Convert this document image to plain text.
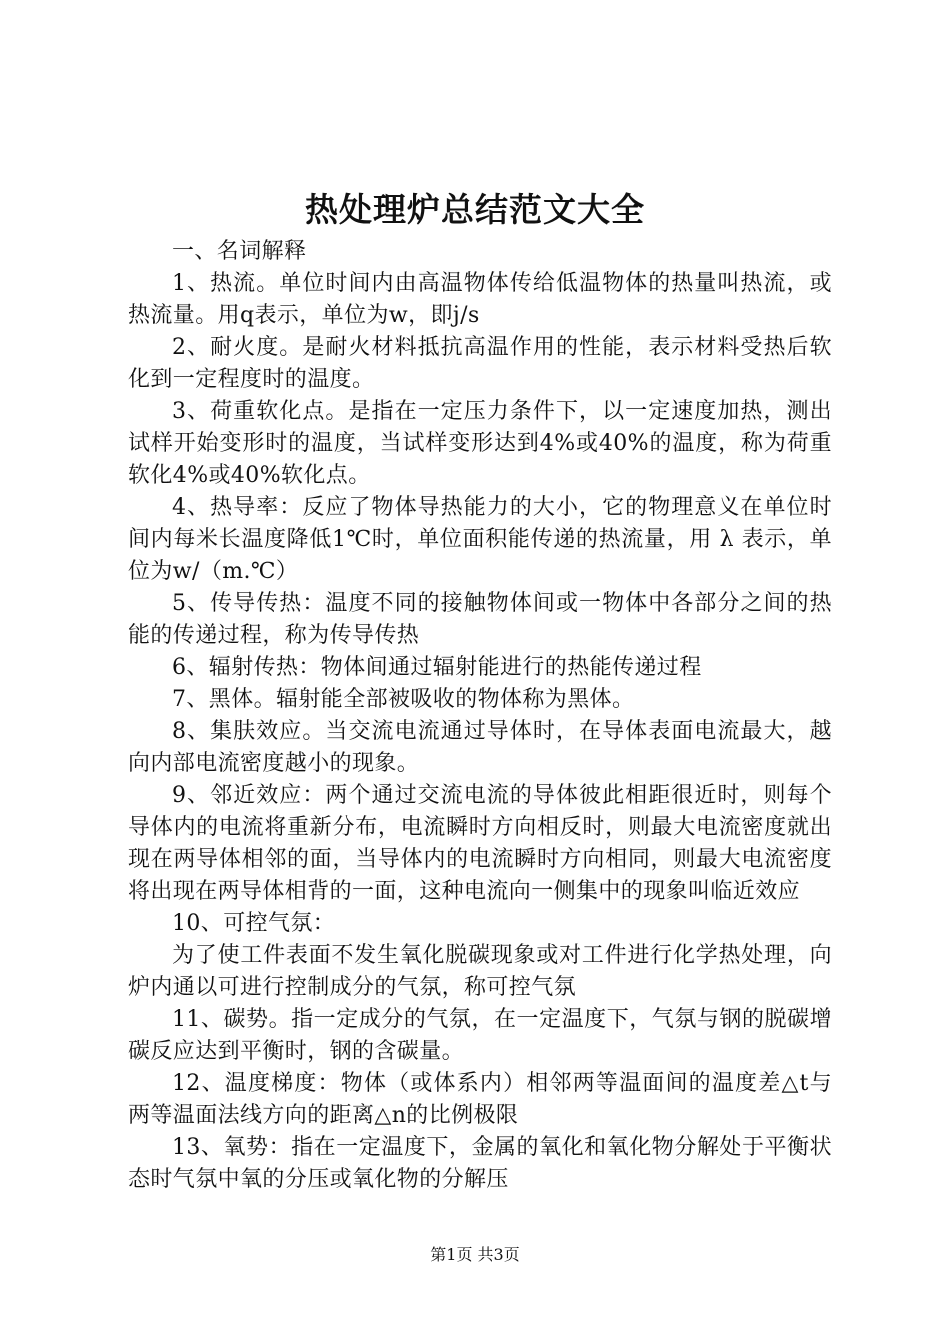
热处理炉总结范文大全

一、名词解释

1、热流。单位时间内由高温物体传给低温物体的热量叫热流，或热流量。用q表示，单位为w，即j/s

2、耐火度。是耐火材料抵抗高温作用的性能，表示材料受热后软化到一定程度时的温度。

3、荷重软化点。是指在一定压力条件下，以一定速度加热，测出试样开始变形时的温度，当试样变形达到4%或40%的温度，称为荷重软化4%或40%软化点。

4、热导率：反应了物体导热能力的大小，它的物理意义在单位时间内每米长温度降低1℃时，单位面积能传递的热流量，用 λ 表示，单位为w/（m.℃）

5、传导传热：温度不同的接触物体间或一物体中各部分之间的热能的传递过程，称为传导传热

6、辐射传热：物体间通过辐射能进行的热能传递过程

7、黑体。辐射能全部被吸收的物体称为黑体。

8、集肤效应。当交流电流通过导体时，在导体表面电流最大，越向内部电流密度越小的现象。

9、邻近效应：两个通过交流电流的导体彼此相距很近时，则每个导体内的电流将重新分布，电流瞬时方向相反时，则最大电流密度就出现在两导体相邻的面，当导体内的电流瞬时方向相同，则最大电流密度将出现在两导体相背的一面，这种电流向一侧集中的现象叫临近效应

10、可控气氛：

为了使工件表面不发生氧化脱碳现象或对工件进行化学热处理，向炉内通以可进行控制成分的气氛，称可控气氛

11、碳势。指一定成分的气氛，在一定温度下，气氛与钢的脱碳增碳反应达到平衡时，钢的含碳量。

12、温度梯度：物体（或体系内）相邻两等温面间的温度差△t与两等温面法线方向的距离△n的比例极限

13、氧势：指在一定温度下，金属的氧化和氧化物分解处于平衡状态时气氛中氧的分压或氧化物的分解压

第1页 共3页
